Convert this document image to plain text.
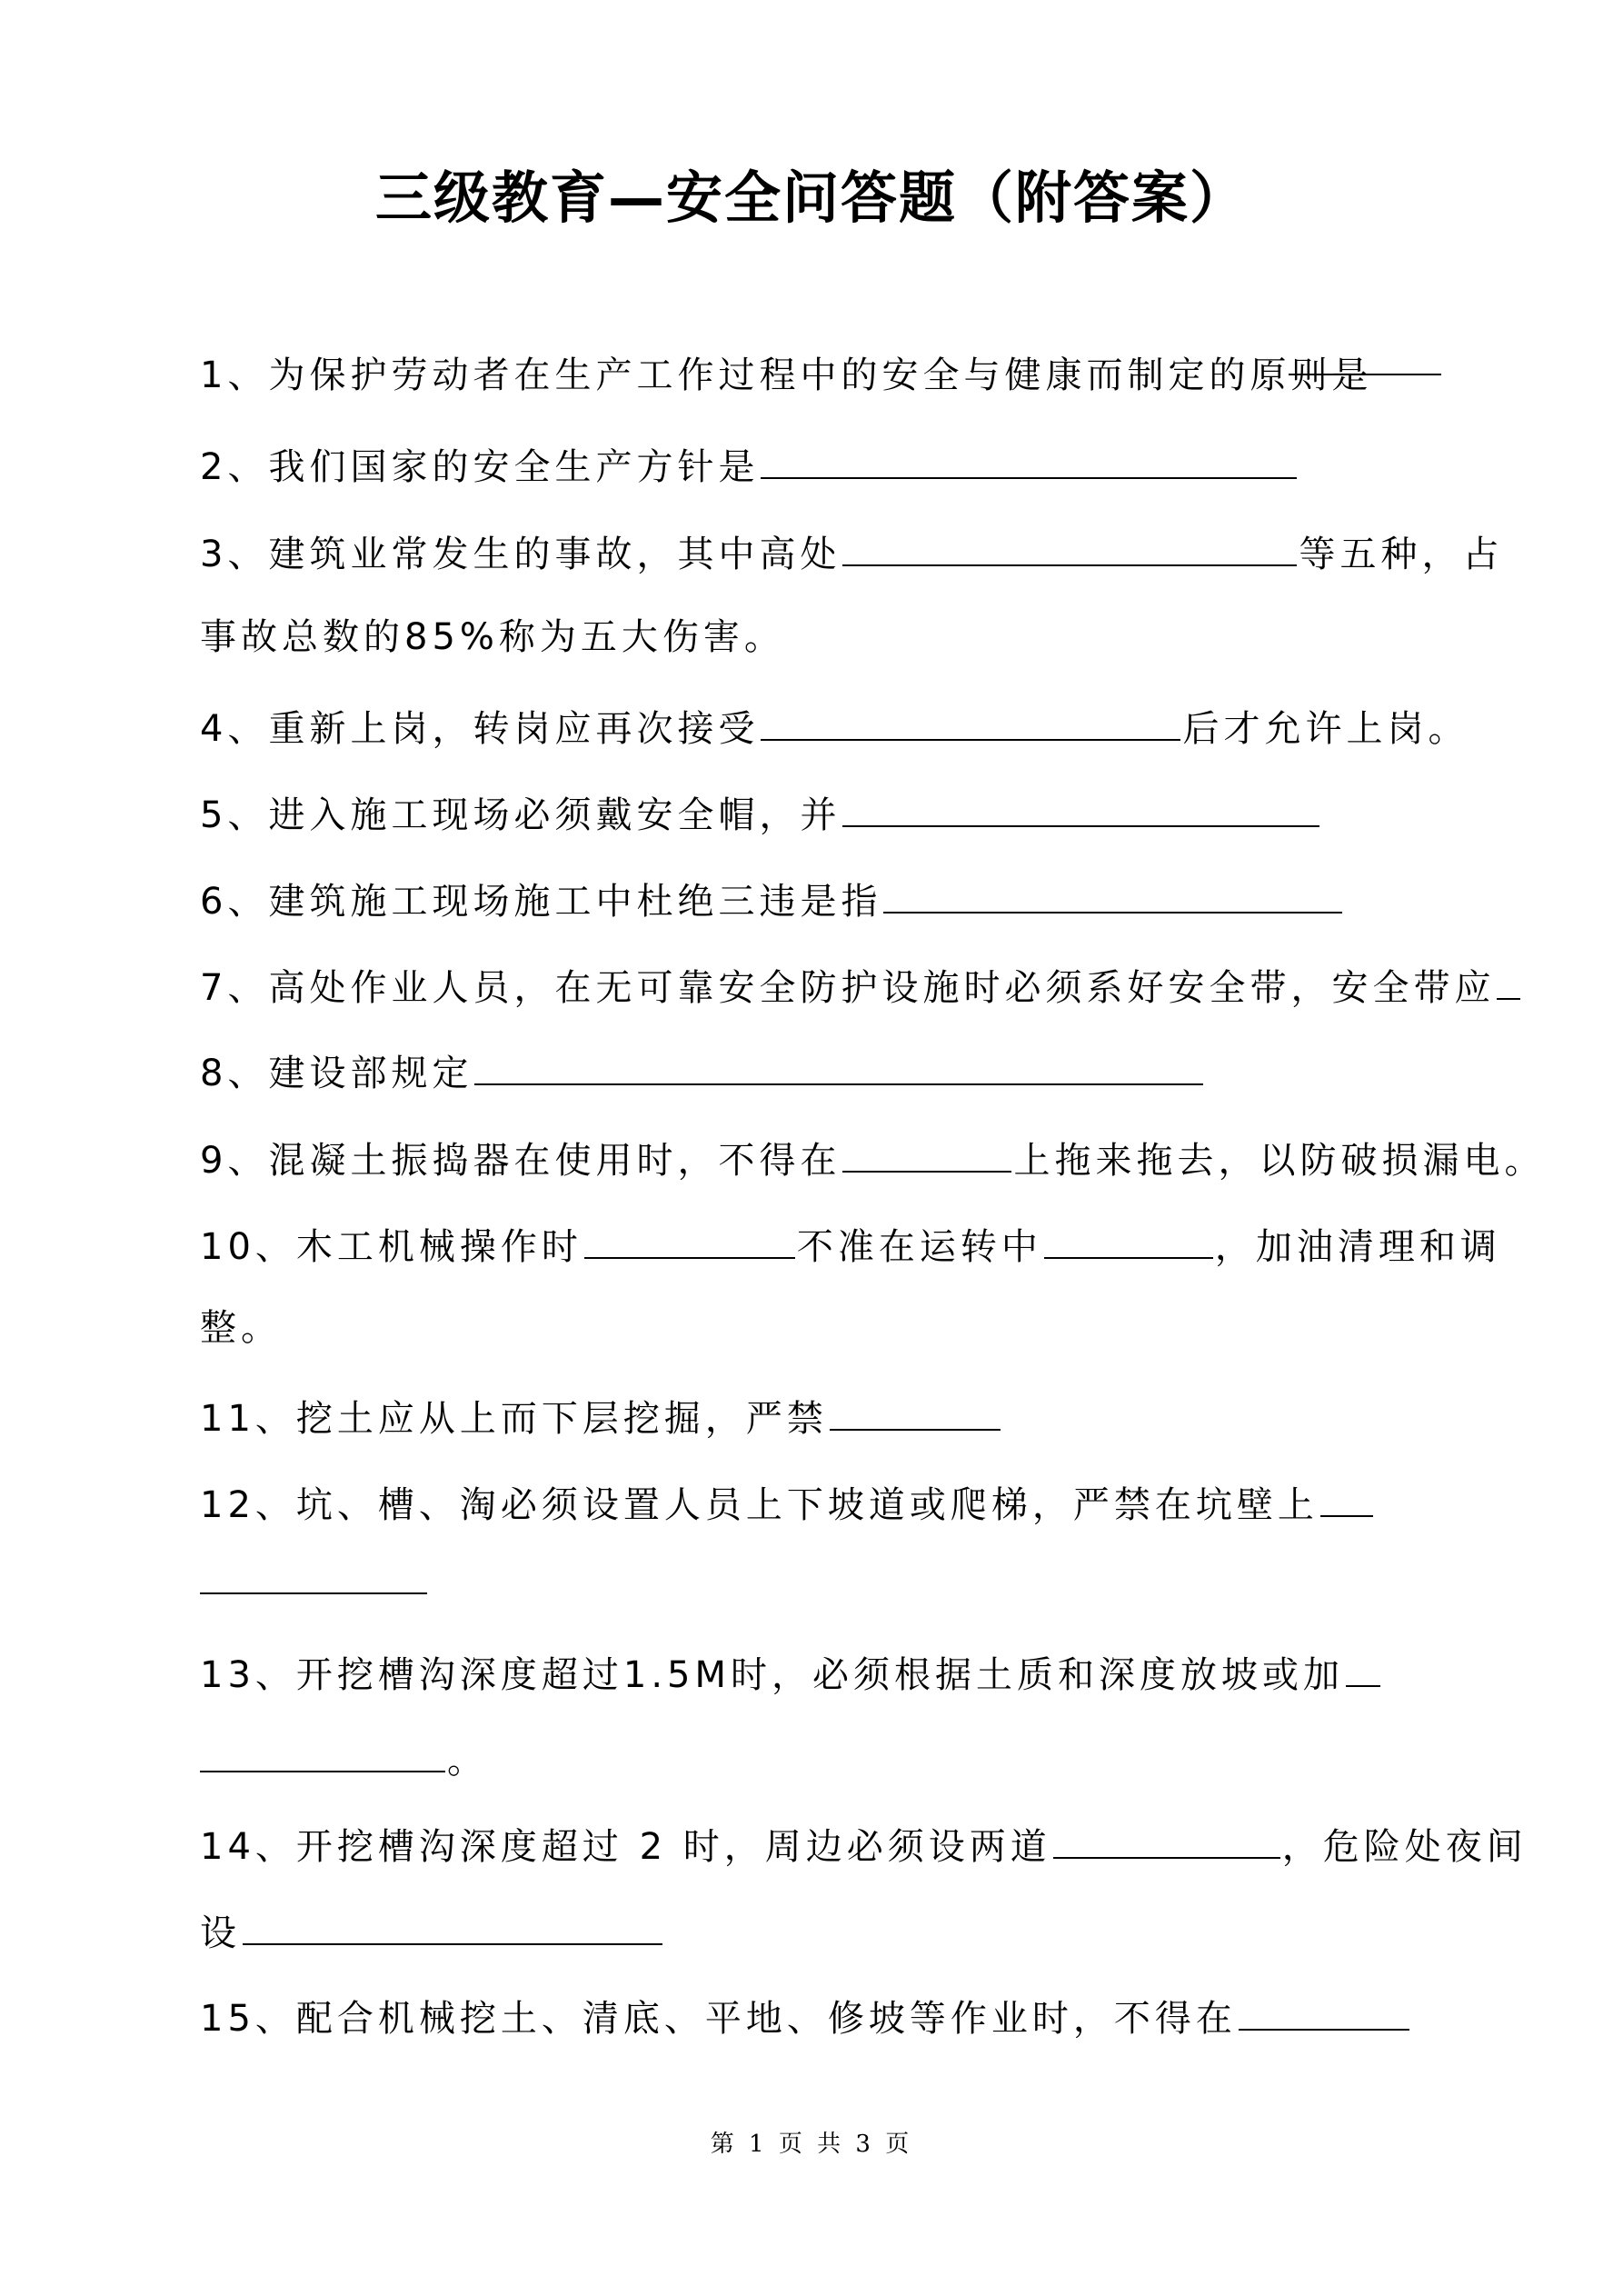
三级教育—安全问答题（附答案）
1、为保护劳动者在生产工作过程中的安全与健康而制定的原则是
2、我们国家的安全生产方针是
3、建筑业常发生的事故，其中高处	等五种，占
事故总数的85%称为五大伤害。
4、重新上岗，转岗应再次接受	后才允许上岗。
5、进入施工现场必须戴安全帽，并
6、建筑施工现场施工中杜绝三违是指
7、高处作业人员，在无可靠安全防护设施时必须系好安全带，安全带应
8、建设部规定
9、混凝土振捣器在使用时，不得在	上拖来拖去，以防破损漏电。
10、木工机械操作时	不准在运转中	，加油清理和调
整。
11、挖土应从上而下层挖掘，严禁
12、坑、槽、淘必须设置人员上下坡道或爬梯，严禁在坑壁上
13、开挖槽沟深度超过1.5M时，必须根据土质和深度放坡或加
。
14、开挖槽沟深度超过 2 时，周边必须设两道	，危险处夜间
设
15、配合机械挖土、清底、平地、修坡等作业时，不得在
第 1 页 共 3 页
